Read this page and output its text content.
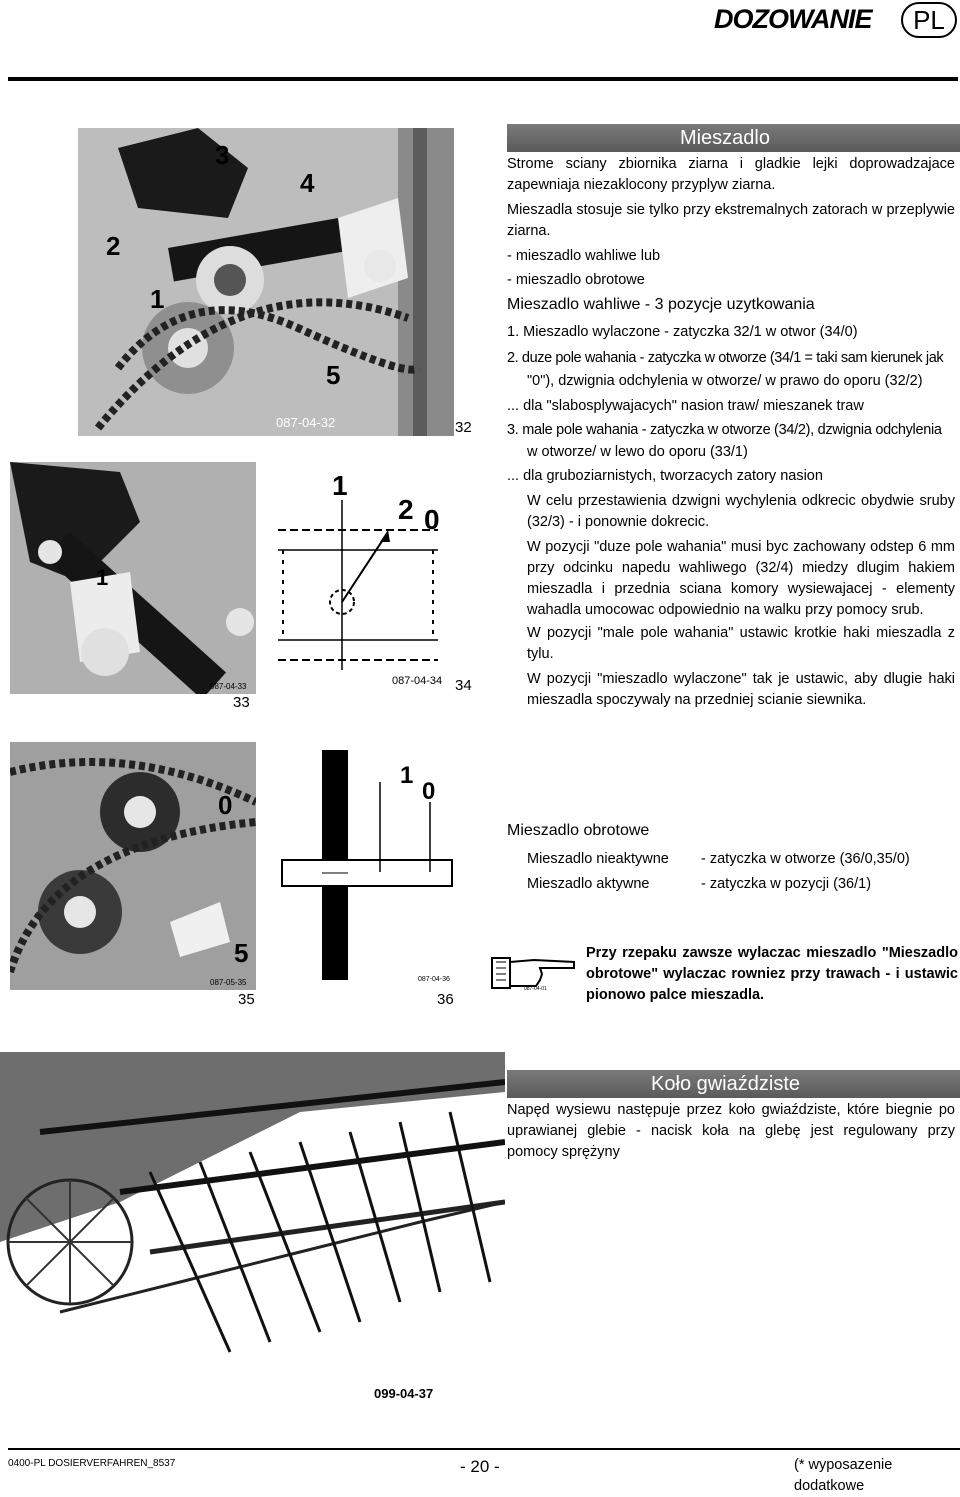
DOZOWANIE	PL
3
4
2
1
5
087-04-32	32
1
087-04-33
33
1
2 0
087-04-34 34
Mieszadlo
Strome sciany zbiornika ziarna i gladkie lejki doprowadzajace zapewniaja niezaklocony przyplyw ziarna.
Mieszadla stosuje sie tylko przy ekstremalnych zatorach w przeplywie ziarna.
- mieszadlo wahliwe lub
- mieszadlo obrotowe
Mieszadlo wahliwe - 3 pozycje uzytkowania
1. Mieszadlo wylaczone - zatyczka 32/1 w otwor (34/0)
2. duze pole wahania - zatyczka w otworze (34/1 = taki sam kierunek jak
"0"), dzwignia odchylenia w otworze/ w prawo do oporu (32/2)
... dla "slabosplywajacych" nasion traw/ mieszanek traw
3. male pole wahania - zatyczka w otworze (34/2), dzwignia odchylenia
w otworze/ w lewo do oporu (33/1)
... dla gruboziarnistych, tworzacych zatory nasion
W celu przestawienia dzwigni wychylenia odkrecic obydwie sruby (32/3) - i ponownie dokrecic.
W pozycji "duze pole wahania" musi byc zachowany odstep 6 mm przy odcinku napedu wahliwego (32/4) miedzy dlugim hakiem mieszadla i przednia sciana komory wysiewajacej - elementy wahadla umocowac odpowiednio na walku przy pomocy srub.
W pozycji "male pole wahania" ustawic krotkie haki mieszadla z tylu.
W pozycji "mieszadlo wylaczone" tak je ustawic, aby dlugie haki mieszadla spoczywaly na przedniej scianie siewnika.
0
5
087-05-35
35
1
0
087-04-36
36
Mieszadlo obrotowe
Mieszadlo nieaktywne	- zatyczka w otworze (36/0,35/0)
Mieszadlo aktywne	- zatyczka w pozycji (36/1)
087-04-01
Przy rzepaku zawsze wylaczac mieszadlo "Mieszadlo obrotowe" wylaczac rowniez przy trawach - i ustawic pionowo palce mieszadla.
099-04-37
Koło gwiaździste
Napęd wysiewu następuje przez koło gwiaździste, które biegnie po uprawianej glebie - nacisk koła na glebę jest regulowany przy pomocy sprężyny
0400-PL DOSIERVERFAHREN_8537	- 20 -	(* wyposazenie dodatkowe
